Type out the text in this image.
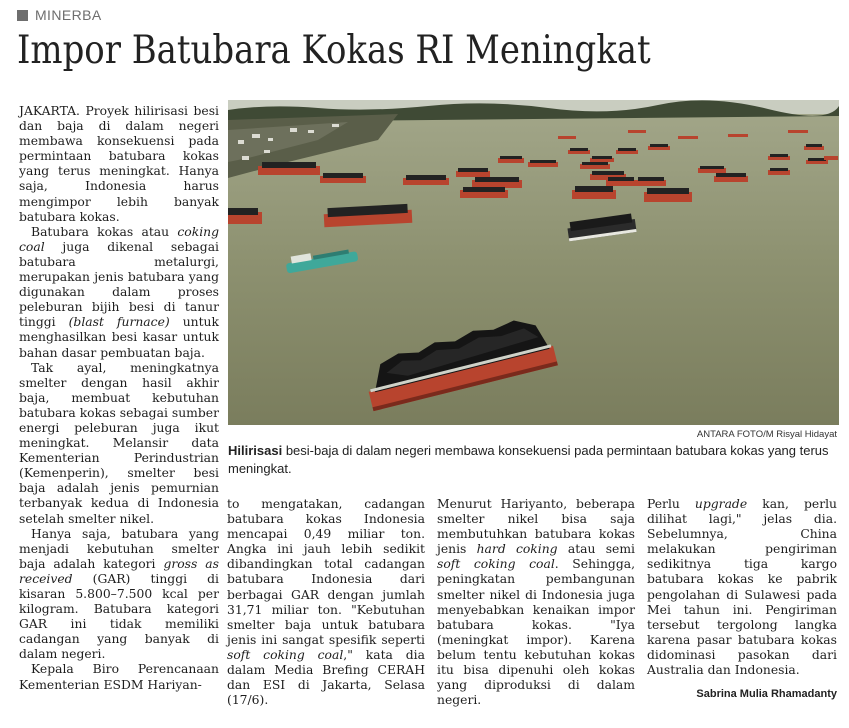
MINERBA
Impor Batubara Kokas RI Meningkat

JAKARTA. Proyek hilirisasi besi dan baja di dalam negeri membawa konsekuensi pada permintaan batubara kokas yang terus meningkat. Hanya saja, Indonesia harus mengimpor lebih banyak batubara kokas.

Batubara kokas atau coking coal juga dikenal sebagai batubara metalurgi, merupakan jenis batubara yang digunakan dalam proses peleburan bijih besi di tanur tinggi (blast furnace) untuk menghasilkan besi kasar untuk bahan dasar pembuatan baja.

Tak ayal, meningkatnya smelter dengan hasil akhir baja, membuat kebutuhan batubara kokas sebagai sumber energi peleburan juga ikut meningkat. Melansir data Kementerian Perindustrian (Kemenperin), smelter besi baja adalah jenis pemurnian terbanyak kedua di Indonesia setelah smelter nikel.

Hanya saja, batubara yang menjadi kebutuhan smelter baja adalah kategori gross as received (GAR) tinggi di kisaran 5.800–7.500 kcal per kilogram. Batubara kategori GAR ini tidak memiliki cadangan yang banyak di dalam negeri.

Kepala Biro Perencanaan Kementerian ESDM Hariyan-

ANTARA FOTO/M Risyal Hidayat
Hilirisasi besi-baja di dalam negeri membawa konsekuensi pada permintaan batubara kokas yang terus meningkat.

to mengatakan, cadangan batubara kokas Indonesia mencapai 0,49 miliar ton. Angka ini jauh lebih sedikit dibandingkan total cadangan batubara Indonesia dari berbagai GAR dengan jumlah 31,71 miliar ton. "Kebutuhan smelter baja untuk batubara jenis ini sangat spesifik seperti soft coking coal," kata dia dalam Media Brefing CERAH dan ESI di Jakarta, Selasa (17/6).

Menurut Hariyanto, beberapa smelter nikel bisa saja membutuhkan batubara kokas jenis hard coking atau semi soft coking coal. Sehingga, peningkatan pembangunan smelter nikel di Indonesia juga menyebabkan kenaikan impor batubara kokas. "Iya (meningkat impor). Karena belum tentu kebutuhan kokas itu bisa dipenuhi oleh kokas yang diproduksi di dalam negeri.

Perlu upgrade kan, perlu dilihat lagi," jelas dia. Sebelumnya, China melakukan pengiriman sedikitnya tiga kargo batubara kokas ke pabrik pengolahan di Sulawesi pada Mei tahun ini. Pengiriman tersebut tergolong langka karena pasar batubara kokas didominasi pasokan dari Australia dan Indonesia.

Sabrina Mulia Rhamadanty
